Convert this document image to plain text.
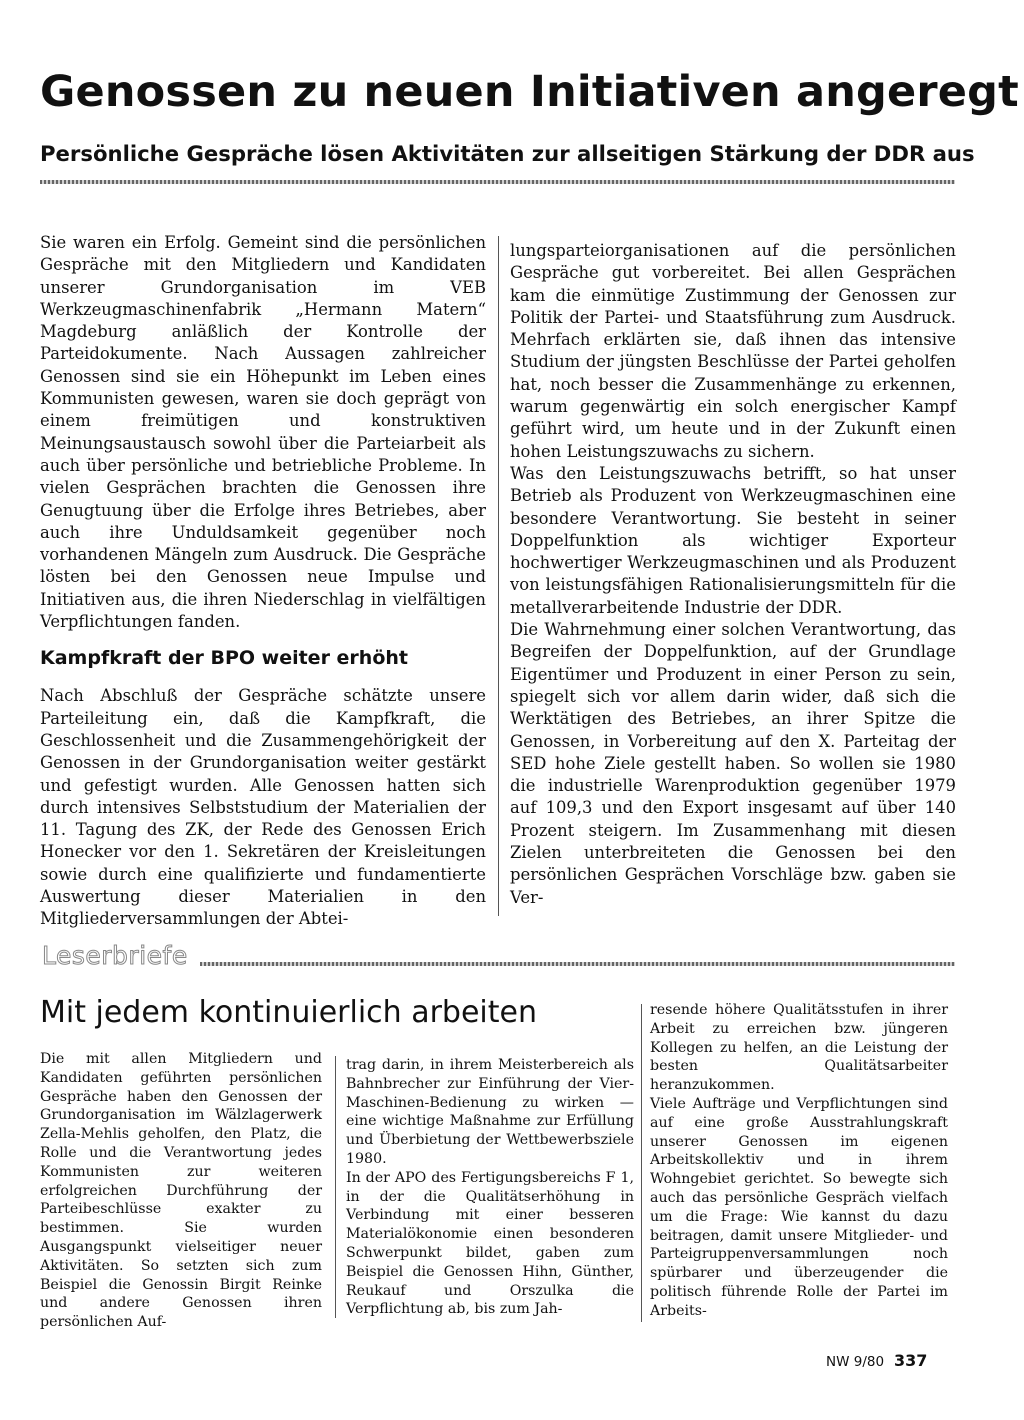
Genossen zu neuen Initiativen angeregt
Persönliche Gespräche lösen Aktivitäten zur allseitigen Stärkung der DDR aus

Sie waren ein Erfolg. Gemeint sind die persönlichen Gespräche mit den Mitgliedern und Kandidaten unserer Grundorganisation im VEB Werkzeugmaschinenfabrik „Hermann Matern“ Magdeburg anläßlich der Kontrolle der Parteidokumente. Nach Aussagen zahlreicher Genossen sind sie ein Höhepunkt im Leben eines Kommunisten gewesen, waren sie doch geprägt von einem freimütigen und konstruktiven Meinungsaustausch sowohl über die Parteiarbeit als auch über persönliche und betriebliche Probleme. In vielen Gesprächen brachten die Genossen ihre Genugtuung über die Erfolge ihres Betriebes, aber auch ihre Unduldsamkeit gegenüber noch vorhandenen Mängeln zum Ausdruck. Die Gespräche lösten bei den Genossen neue Impulse und Initiativen aus, die ihren Niederschlag in vielfältigen Verpflichtungen fanden.

Kampfkraft der BPO weiter erhöht

Nach Abschluß der Gespräche schätzte unsere Parteileitung ein, daß die Kampfkraft, die Geschlossenheit und die Zusammengehörigkeit der Genossen in der Grundorganisation weiter gestärkt und gefestigt wurden. Alle Genossen hatten sich durch intensives Selbststudium der Materialien der 11. Tagung des ZK, der Rede des Genossen Erich Honecker vor den 1. Sekretären der Kreisleitungen sowie durch eine qualifizierte und fundamentierte Auswertung dieser Materialien in den Mitgliederversammlungen der Abtei-

lungsparteiorganisationen auf die persönlichen Gespräche gut vorbereitet. Bei allen Gesprächen kam die einmütige Zustimmung der Genossen zur Politik der Partei- und Staatsführung zum Ausdruck. Mehrfach erklärten sie, daß ihnen das intensive Studium der jüngsten Beschlüsse der Partei geholfen hat, noch besser die Zusammenhänge zu erkennen, warum gegenwärtig ein solch energischer Kampf geführt wird, um heute und in der Zukunft einen hohen Leistungszuwachs zu sichern.

Was den Leistungszuwachs betrifft, so hat unser Betrieb als Produzent von Werkzeugmaschinen eine besondere Verantwortung. Sie besteht in seiner Doppelfunktion als wichtiger Exporteur hochwertiger Werkzeugmaschinen und als Produzent von leistungsfähigen Rationalisierungsmitteln für die metallverarbeitende Industrie der DDR.

Die Wahrnehmung einer solchen Verantwortung, das Begreifen der Doppelfunktion, auf der Grundlage Eigentümer und Produzent in einer Person zu sein, spiegelt sich vor allem darin wider, daß sich die Werktätigen des Betriebes, an ihrer Spitze die Genossen, in Vorbereitung auf den X. Parteitag der SED hohe Ziele gestellt haben. So wollen sie 1980 die industrielle Warenproduktion gegenüber 1979 auf 109,3 und den Export insgesamt auf über 140 Prozent steigern. Im Zusammenhang mit diesen Zielen unterbreiteten die Genossen bei den persönlichen Gesprächen Vorschläge bzw. gaben sie Ver-

Leserbriefe
Mit jedem kontinuierlich arbeiten

Die mit allen Mitgliedern und Kandidaten geführten persönlichen Gespräche haben den Genossen der Grundorganisation im Wälzlagerwerk Zella-Mehlis geholfen, den Platz, die Rolle und die Verantwortung jedes Kommunisten zur weiteren erfolgreichen Durchführung der Parteibeschlüsse exakter zu bestimmen. Sie wurden Ausgangspunkt vielseitiger neuer Aktivitäten. So setzten sich zum Beispiel die Genossin Birgit Reinke und andere Genossen ihren persönlichen Auf-

trag darin, in ihrem Meisterbereich als Bahnbrecher zur Einführung der Vier-Maschinen-Bedienung zu wirken — eine wichtige Maßnahme zur Erfüllung und Überbietung der Wettbewerbsziele 1980.

In der APO des Fertigungsbereichs F 1, in der die Qualitätserhöhung in Verbindung mit einer besseren Materialökonomie einen besonderen Schwerpunkt bildet, gaben zum Beispiel die Genossen Hihn, Günther, Reukauf und Orszulka die Verpflichtung ab, bis zum Jah-

resende höhere Qualitätsstufen in ihrer Arbeit zu erreichen bzw. jüngeren Kollegen zu helfen, an die Leistung der besten Qualitätsarbeiter heranzukommen.

Viele Aufträge und Verpflichtungen sind auf eine große Ausstrahlungskraft unserer Genossen im eigenen Arbeitskollektiv und in ihrem Wohngebiet gerichtet. So bewegte sich auch das persönliche Gespräch vielfach um die Frage: Wie kannst du dazu beitragen, damit unsere Mitglieder- und Parteigruppenversammlungen noch spürbarer und überzeugender die politisch führende Rolle der Partei im Arbeits-

NW 9/80 337
